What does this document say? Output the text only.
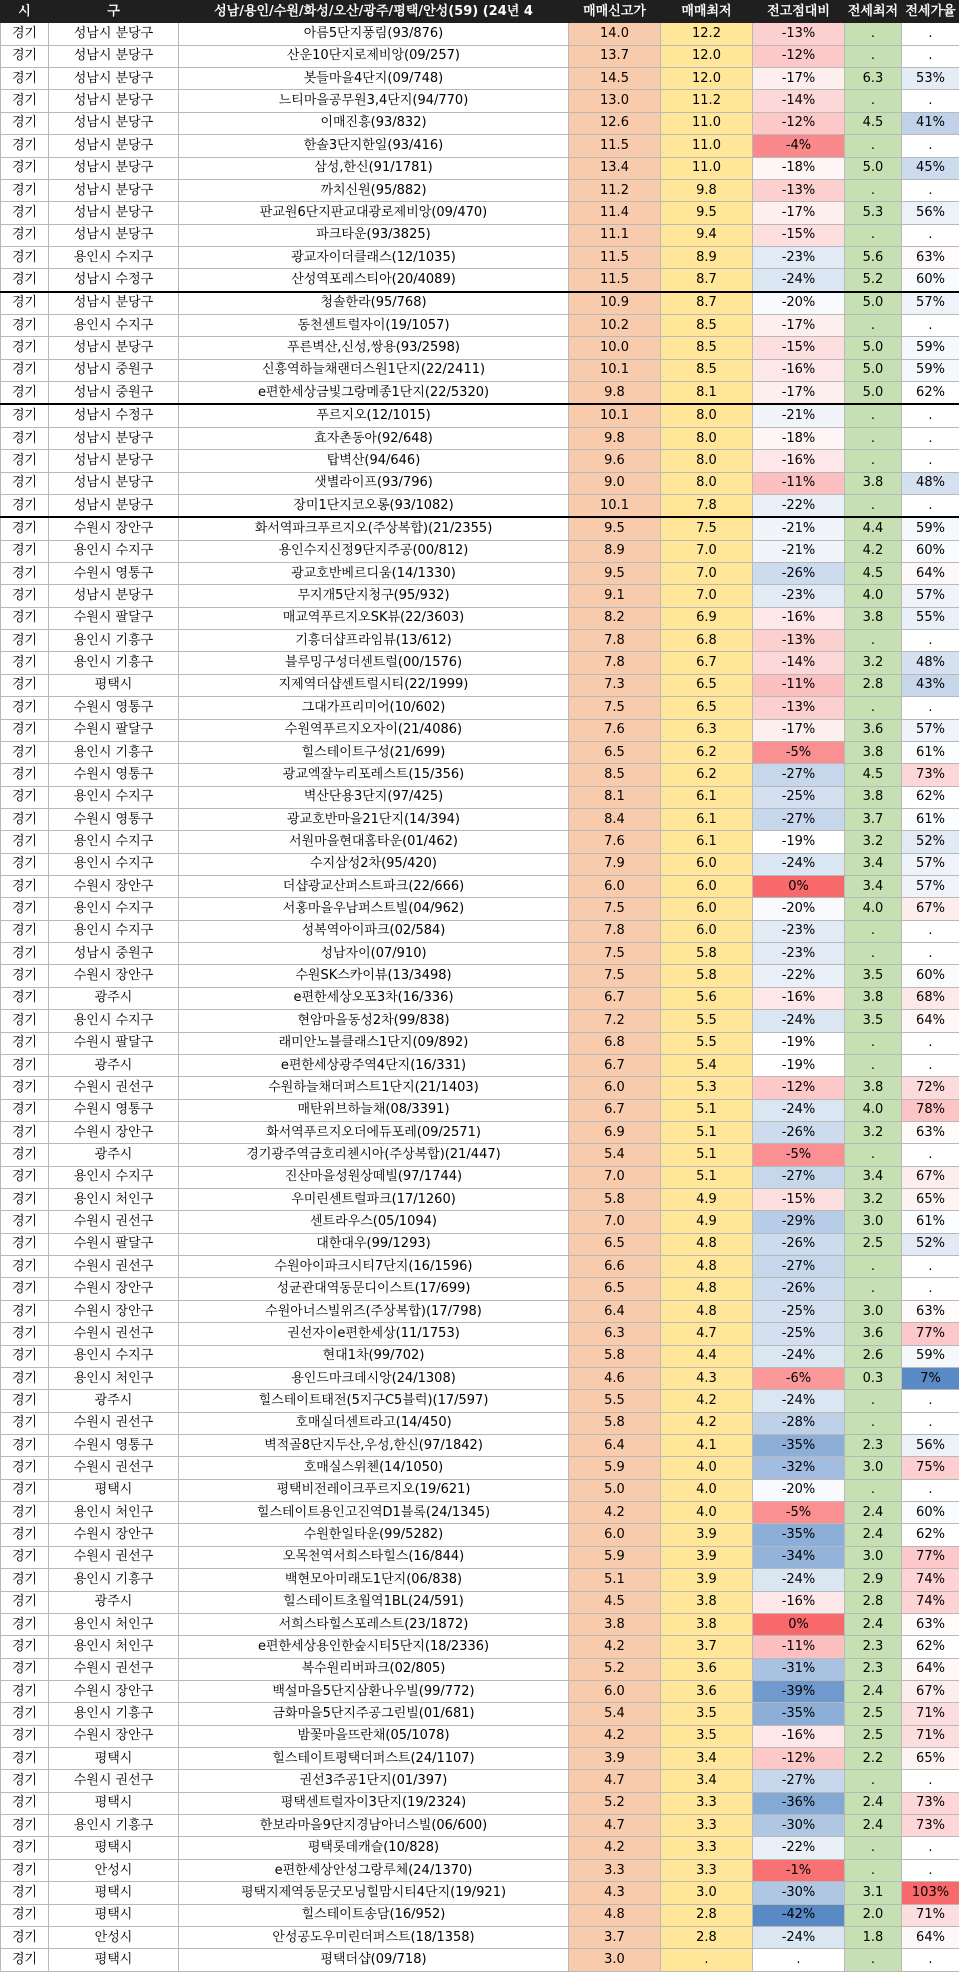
시	구	성남/용인/수원/화성/오산/광주/평택/안성(59) (24년 4	매매신고가	매매최저	전고점대비	전세최저	전세가율
경기	성남시 분당구	아름5단지풍림(93/876)	14.0	12.2	-13%	.	.
경기	성남시 분당구	산운10단지로제비앙(09/257)	13.7	12.0	-12%	.	.
경기	성남시 분당구	봇들마을4단지(09/748)	14.5	12.0	-17%	6.3	53%
경기	성남시 분당구	느티마을공무원3,4단지(94/770)	13.0	11.2	-14%	.	.
경기	성남시 분당구	이매진흥(93/832)	12.6	11.0	-12%	4.5	41%
경기	성남시 분당구	한솔3단지한일(93/416)	11.5	11.0	-4%	.	.
경기	성남시 분당구	삼성,한신(91/1781)	13.4	11.0	-18%	5.0	45%
경기	성남시 분당구	까치신원(95/882)	11.2	9.8	-13%	.	.
경기	성남시 분당구	판교원6단지판교대광로제비앙(09/470)	11.4	9.5	-17%	5.3	56%
경기	성남시 분당구	파크타운(93/3825)	11.1	9.4	-15%	.	.
경기	용인시 수지구	광교자이더클래스(12/1035)	11.5	8.9	-23%	5.6	63%
경기	성남시 수정구	산성역포레스티아(20/4089)	11.5	8.7	-24%	5.2	60%
경기	성남시 분당구	청솔한라(95/768)	10.9	8.7	-20%	5.0	57%
경기	용인시 수지구	동천센트럴자이(19/1057)	10.2	8.5	-17%	.	.
경기	성남시 분당구	푸른벽산,신성,쌍용(93/2598)	10.0	8.5	-15%	5.0	59%
경기	성남시 중원구	신흥역하늘채랜더스원1단지(22/2411)	10.1	8.5	-16%	5.0	59%
경기	성남시 중원구	e편한세상금빛그랑메종1단지(22/5320)	9.8	8.1	-17%	5.0	62%
경기	성남시 수정구	푸르지오(12/1015)	10.1	8.0	-21%	.	.
경기	성남시 분당구	효자촌동아(92/648)	9.8	8.0	-18%	.	.
경기	성남시 분당구	탑벽산(94/646)	9.6	8.0	-16%	.	.
경기	성남시 분당구	샛별라이프(93/796)	9.0	8.0	-11%	3.8	48%
경기	성남시 분당구	장미1단지코오롱(93/1082)	10.1	7.8	-22%	.	.
경기	수원시 장안구	화서역파크푸르지오(주상복합)(21/2355)	9.5	7.5	-21%	4.4	59%
경기	용인시 수지구	용인수지신정9단지주공(00/812)	8.9	7.0	-21%	4.2	60%
경기	수원시 영통구	광교호반베르디움(14/1330)	9.5	7.0	-26%	4.5	64%
경기	성남시 분당구	무지개5단지청구(95/932)	9.1	7.0	-23%	4.0	57%
경기	수원시 팔달구	매교역푸르지오SK뷰(22/3603)	8.2	6.9	-16%	3.8	55%
경기	용인시 기흥구	기흥더샵프라임뷰(13/612)	7.8	6.8	-13%	.	.
경기	용인시 기흥구	블루밍구성더센트럴(00/1576)	7.8	6.7	-14%	3.2	48%
경기	평택시	지제역더샵센트럴시티(22/1999)	7.3	6.5	-11%	2.8	43%
경기	수원시 영통구	그대가프리미어(10/602)	7.5	6.5	-13%	.	.
경기	수원시 팔달구	수원역푸르지오자이(21/4086)	7.6	6.3	-17%	3.6	57%
경기	용인시 기흥구	힐스테이트구성(21/699)	6.5	6.2	-5%	3.8	61%
경기	수원시 영통구	광교엑잘누리포레스트(15/356)	8.5	6.2	-27%	4.5	73%
경기	용인시 수지구	벽산단용3단지(97/425)	8.1	6.1	-25%	3.8	62%
경기	수원시 영통구	광교호반마을21단지(14/394)	8.4	6.1	-27%	3.7	61%
경기	용인시 수지구	서원마을현대홈타운(01/462)	7.6	6.1	-19%	3.2	52%
경기	용인시 수지구	수지삼성2차(95/420)	7.9	6.0	-24%	3.4	57%
경기	수원시 장안구	더샵광교산퍼스트파크(22/666)	6.0	6.0	0%	3.4	57%
경기	용인시 수지구	서홍마을우남퍼스트빌(04/962)	7.5	6.0	-20%	4.0	67%
경기	용인시 수지구	성복역아이파크(02/584)	7.8	6.0	-23%	.	.
경기	성남시 중원구	성남자이(07/910)	7.5	5.8	-23%	.	.
경기	수원시 장안구	수원SK스카이뷰(13/3498)	7.5	5.8	-22%	3.5	60%
경기	광주시	e편한세상오포3차(16/336)	6.7	5.6	-16%	3.8	68%
경기	용인시 수지구	현암마을동성2차(99/838)	7.2	5.5	-24%	3.5	64%
경기	수원시 팔달구	래미안노블클래스1단지(09/892)	6.8	5.5	-19%	.	.
경기	광주시	e편한세상광주역4단지(16/331)	6.7	5.4	-19%	.	.
경기	수원시 권선구	수원하늘채더퍼스트1단지(21/1403)	6.0	5.3	-12%	3.8	72%
경기	수원시 영통구	매탄위브하늘채(08/3391)	6.7	5.1	-24%	4.0	78%
경기	수원시 장안구	화서역푸르지오더에듀포레(09/2571)	6.9	5.1	-26%	3.2	63%
경기	광주시	경기광주역금호리첸시아(주상복합)(21/447)	5.4	5.1	-5%	.	.
경기	용인시 수지구	진산마을성원상떼빌(97/1744)	7.0	5.1	-27%	3.4	67%
경기	용인시 처인구	우미린센트럴파크(17/1260)	5.8	4.9	-15%	3.2	65%
경기	수원시 권선구	센트라우스(05/1094)	7.0	4.9	-29%	3.0	61%
경기	수원시 팔달구	대한대우(99/1293)	6.5	4.8	-26%	2.5	52%
경기	수원시 권선구	수원아이파크시티7단지(16/1596)	6.6	4.8	-27%	.	.
경기	수원시 장안구	성균관대역동문디이스트(17/699)	6.5	4.8	-26%	.	.
경기	수원시 장안구	수원아너스빌위즈(주상복합)(17/798)	6.4	4.8	-25%	3.0	63%
경기	수원시 권선구	권선자이e편한세상(11/1753)	6.3	4.7	-25%	3.6	77%
경기	용인시 수지구	현대1차(99/702)	5.8	4.4	-24%	2.6	59%
경기	용인시 처인구	용인드마크데시앙(24/1308)	4.6	4.3	-6%	0.3	7%
경기	광주시	힐스테이트태전(5지구C5블럭)(17/597)	5.5	4.2	-24%	.	.
경기	수원시 권선구	호매실더센트라고(14/450)	5.8	4.2	-28%	.	.
경기	수원시 영통구	벽적골8단지두산,우성,한신(97/1842)	6.4	4.1	-35%	2.3	56%
경기	수원시 권선구	호매실스위첸(14/1050)	5.9	4.0	-32%	3.0	75%
경기	평택시	평택비전레이크푸르지오(19/621)	5.0	4.0	-20%	.	.
경기	용인시 처인구	힐스테이트용인고진역D1블록(24/1345)	4.2	4.0	-5%	2.4	60%
경기	수원시 장안구	수원한일타운(99/5282)	6.0	3.9	-35%	2.4	62%
경기	수원시 권선구	오목천역서희스타힐스(16/844)	5.9	3.9	-34%	3.0	77%
경기	용인시 기흥구	백현모아미래도1단지(06/838)	5.1	3.9	-24%	2.9	74%
경기	광주시	힐스테이트초월역1BL(24/591)	4.5	3.8	-16%	2.8	74%
경기	용인시 처인구	서희스타힐스포레스트(23/1872)	3.8	3.8	0%	2.4	63%
경기	용인시 처인구	e편한세상용인한숲시티5단지(18/2336)	4.2	3.7	-11%	2.3	62%
경기	수원시 권선구	복수원리버파크(02/805)	5.2	3.6	-31%	2.3	64%
경기	수원시 장안구	백설마을5단지삼환나우빌(99/772)	6.0	3.6	-39%	2.4	67%
경기	용인시 기흥구	금화마을5단지주공그린빌(01/681)	5.4	3.5	-35%	2.5	71%
경기	수원시 장안구	밤꽃마을뜨란채(05/1078)	4.2	3.5	-16%	2.5	71%
경기	평택시	힐스테이트평택더퍼스트(24/1107)	3.9	3.4	-12%	2.2	65%
경기	수원시 권선구	권선3주공1단지(01/397)	4.7	3.4	-27%	.	.
경기	평택시	평택센트럴자이3단지(19/2324)	5.2	3.3	-36%	2.4	73%
경기	용인시 기흥구	한보라마을9단지경남아너스빌(06/600)	4.7	3.3	-30%	2.4	73%
경기	평택시	평택롯데캐슬(10/828)	4.2	3.3	-22%	.	.
경기	안성시	e편한세상안성그랑루체(24/1370)	3.3	3.3	-1%	.	.
경기	평택시	평택지제역동문굿모닝힐맘시티4단지(19/921)	4.3	3.0	-30%	3.1	103%
경기	평택시	힐스테이트송담(16/952)	4.8	2.8	-42%	2.0	71%
경기	안성시	안성공도우미린더퍼스트(18/1358)	3.7	2.8	-24%	1.8	64%
경기	평택시	평택더샵(09/718)	3.0	.	.	.	.
